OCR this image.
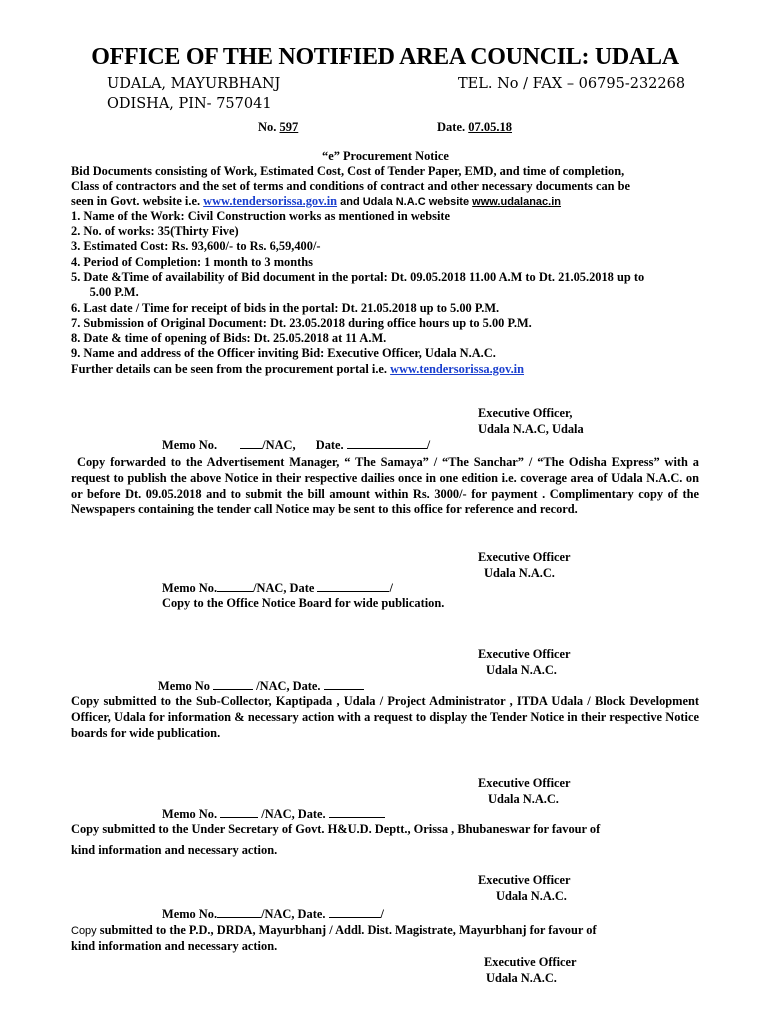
OFFICE OF THE NOTIFIED AREA COUNCIL: UDALA
UDALA, MAYURBHANJ
ODISHA, PIN- 757041
TEL. No / FAX – 06795-232268
No. 597	Date. 07.05.18
“e” Procurement Notice
Bid Documents consisting of Work, Estimated Cost, Cost of Tender Paper, EMD, and time of completion,
Class of contractors and the set of terms and conditions of contract and other necessary documents can be
seen in Govt. website i.e. www.tendersorissa.gov.in and Udala N.A.C website www.udalanac.in
1. Name of the Work: Civil Construction works as mentioned in website
2. No. of works: 35(Thirty Five)
3. Estimated Cost: Rs. 93,600/- to Rs. 6,59,400/-
4. Period of Completion: 1 month to 3 months
5. Date &Time of availability of Bid document in the portal: Dt. 09.05.2018 11.00 A.M to Dt. 21.05.2018 up to
5.00 P.M.
6. Last date / Time for receipt of bids in the portal: Dt. 21.05.2018 up to 5.00 P.M.
7. Submission of Original Document: Dt. 23.05.2018 during office hours up to 5.00 P.M.
8. Date & time of opening of Bids: Dt. 25.05.2018 at 11 A.M.
9. Name and address of the Officer inviting Bid: Executive Officer, Udala N.A.C.
Further details can be seen from the procurement portal i.e. www.tendersorissa.gov.in
Executive Officer,
Udala N.A.C, Udala
Memo No.	/NAC, Date.	/
Copy forwarded to the Advertisement Manager, “ The Samaya” / “The Sanchar” / “The Odisha Express” with a request to publish the above Notice in their respective dailies once in one edition i.e. coverage area of Udala N.A.C. on or before Dt. 09.05.2018 and to submit the bill amount within Rs. 3000/- for payment . Complimentary copy of the Newspapers containing the tender call Notice may be sent to this office for reference and record.
Executive Officer
Udala N.A.C.
Memo No.	/NAC, Date	/
Copy to the Office Notice Board for wide publication.
Executive Officer
Udala N.A.C.
Memo No	/NAC, Date.
Copy submitted to the Sub-Collector, Kaptipada , Udala / Project Administrator , ITDA Udala / Block Development Officer, Udala for information & necessary action with a request to display the Tender Notice in their respective Notice boards for wide publication.
Executive Officer
Udala N.A.C.
Memo No.	/NAC, Date.
Copy submitted to the Under Secretary of Govt. H&U.D. Deptt., Orissa , Bhubaneswar for favour of
kind information and necessary action.
Executive Officer
Udala N.A.C.
Memo No.	/NAC, Date.	/
Copy submitted to the P.D., DRDA, Mayurbhanj / Addl. Dist. Magistrate, Mayurbhanj for favour of
kind information and necessary action.
Executive Officer
Udala N.A.C.
